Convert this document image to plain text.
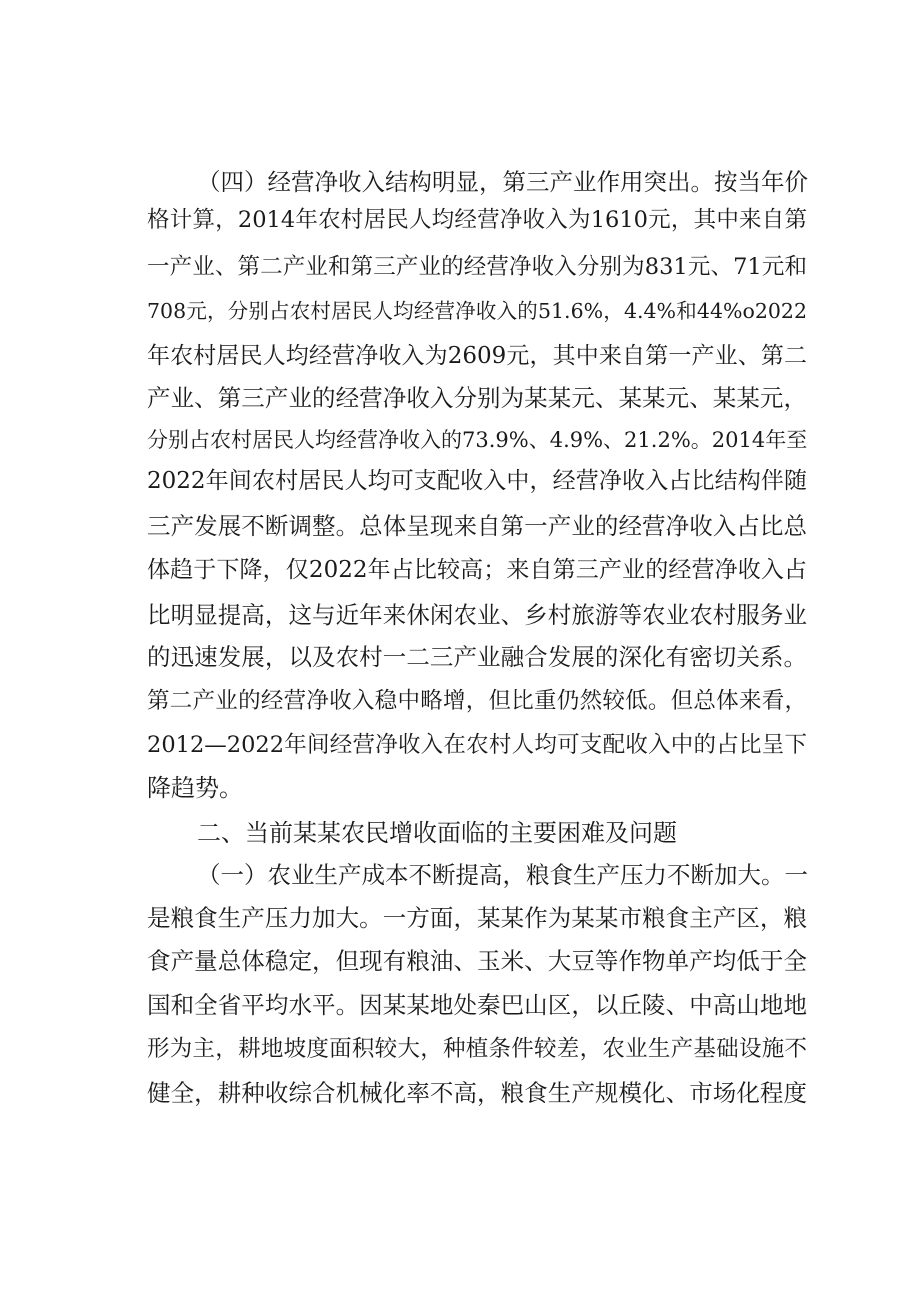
（四）经营净收入结构明显，第三产业作用突出。按当年价
格计算，2014年农村居民人均经营净收入为1610元，其中来自第
一产业、第二产业和第三产业的经营净收入分别为831元、71元和
708元，分别占农村居民人均经营净收入的51.6%，4.4%和44%o2022
年农村居民人均经营净收入为2609元，其中来自第一产业、第二
产业、第三产业的经营净收入分别为某某元、某某元、某某元，
分别占农村居民人均经营净收入的73.9%、4.9%、21.2%。2014年至
2022年间农村居民人均可支配收入中，经营净收入占比结构伴随
三产发展不断调整。总体呈现来自第一产业的经营净收入占比总
体趋于下降，仅2022年占比较高；来自第三产业的经营净收入占
比明显提高，这与近年来休闲农业、乡村旅游等农业农村服务业
的迅速发展，以及农村一二三产业融合发展的深化有密切关系。
第二产业的经营净收入稳中略增，但比重仍然较低。但总体来看，
2012—2022年间经营净收入在农村人均可支配收入中的占比呈下
降趋势。
二、当前某某农民增收面临的主要困难及问题
（一）农业生产成本不断提高，粮食生产压力不断加大。一
是粮食生产压力加大。一方面，某某作为某某市粮食主产区，粮
食产量总体稳定，但现有粮油、玉米、大豆等作物单产均低于全
国和全省平均水平。因某某地处秦巴山区，以丘陵、中高山地地
形为主，耕地坡度面积较大，种植条件较差，农业生产基础设施不
健全，耕种收综合机械化率不高，粮食生产规模化、市场化程度
